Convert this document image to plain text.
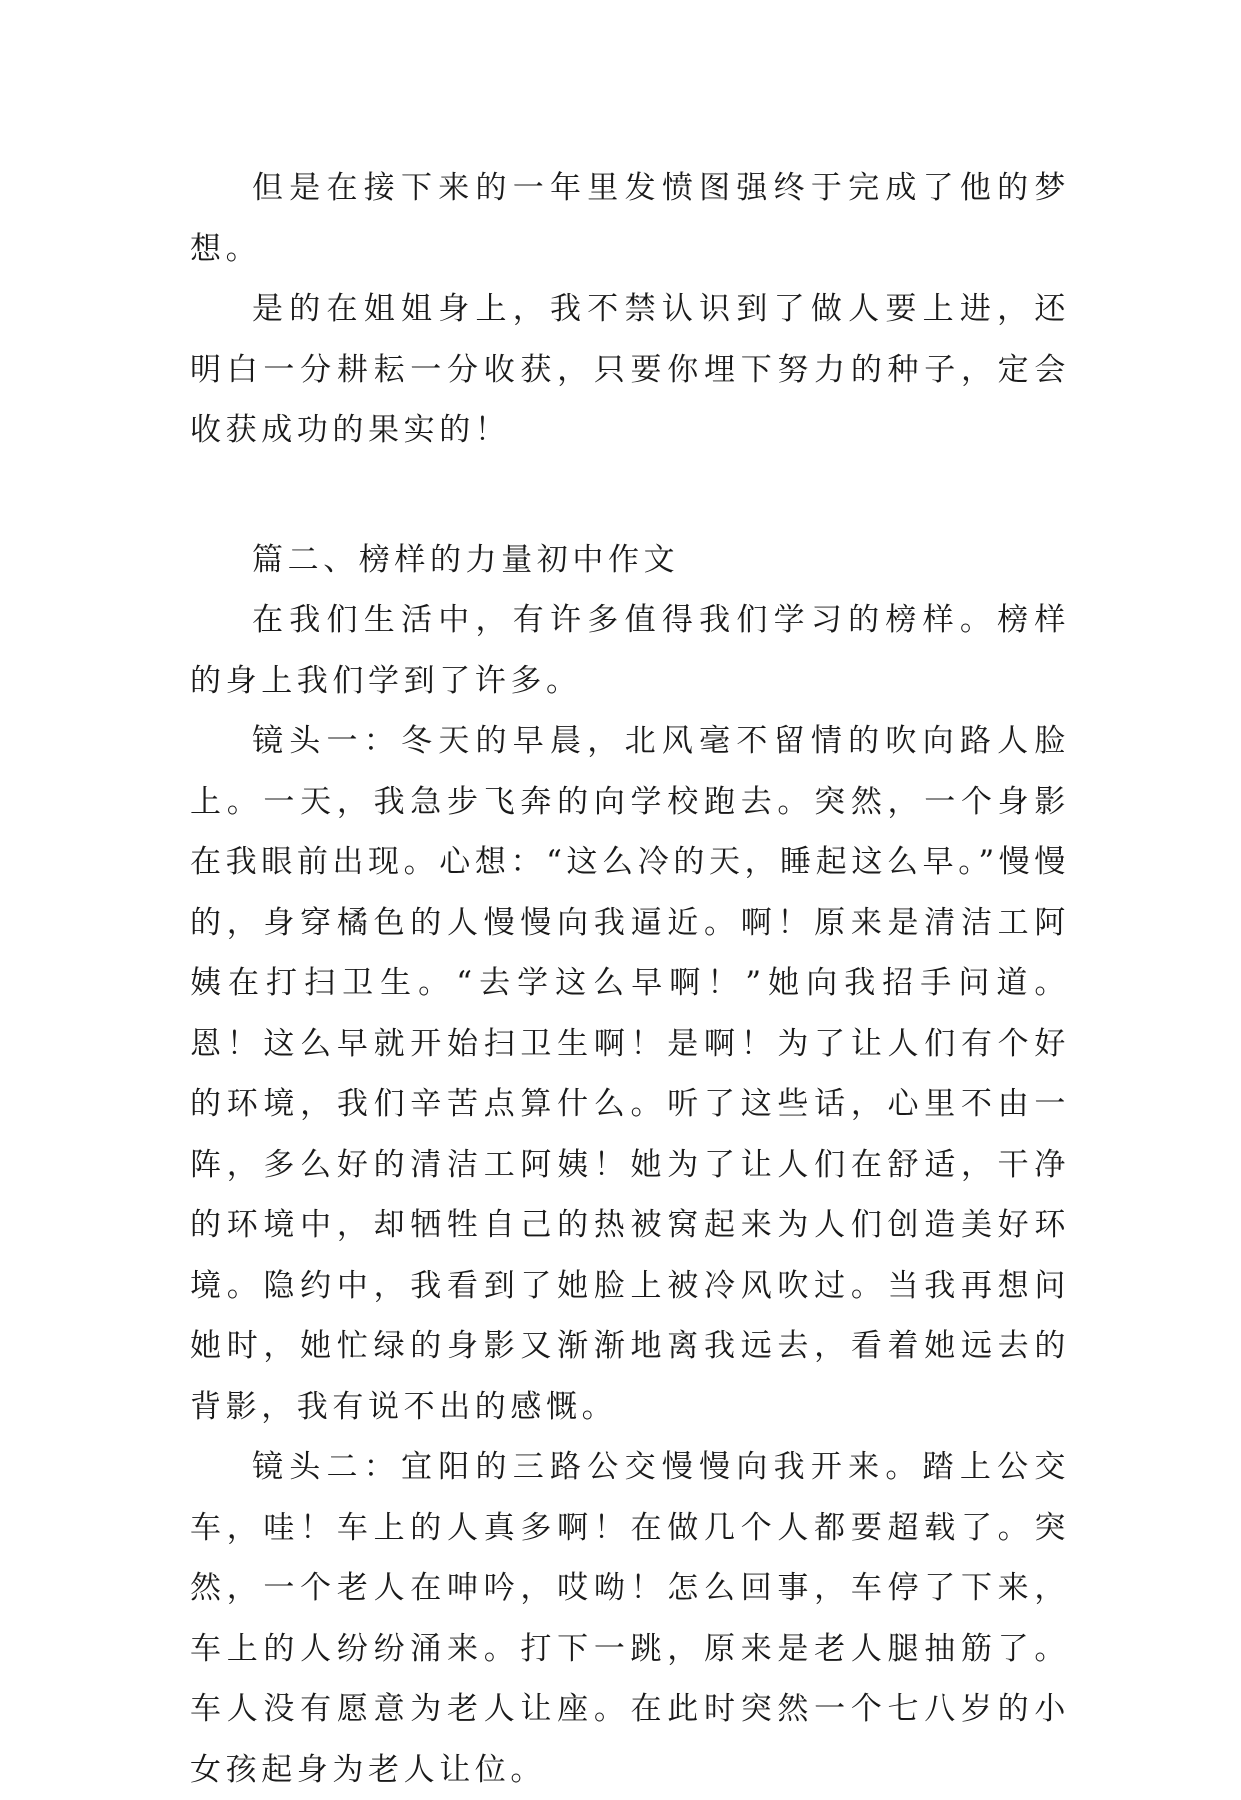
但是在接下来的一年里发愤图强终于完成了他的梦想。

是的在姐姐身上，我不禁认识到了做人要上进，还明白一分耕耘一分收获，只要你埋下努力的种子，定会收获成功的果实的！

篇二、榜样的力量初中作文

在我们生活中，有许多值得我们学习的榜样。榜样的身上我们学到了许多。

镜头一：冬天的早晨，北风毫不留情的吹向路人脸上。一天，我急步飞奔的向学校跑去。突然，一个身影在我眼前出现。心想：“这么冷的天，睡起这么早。”慢慢的，身穿橘色的人慢慢向我逼近。啊！原来是清洁工阿姨在打扫卫生。“去学这么早啊！”她向我招手问道。恩！这么早就开始扫卫生啊！是啊！为了让人们有个好的环境，我们辛苦点算什么。听了这些话，心里不由一阵，多么好的清洁工阿姨！她为了让人们在舒适，干净的环境中，却牺牲自己的热被窝起来为人们创造美好环境。隐约中，我看到了她脸上被冷风吹过。当我再想问她时，她忙绿的身影又渐渐地离我远去，看着她远去的背影，我有说不出的感慨。

镜头二：宜阳的三路公交慢慢向我开来。踏上公交车，哇！车上的人真多啊！在做几个人都要超载了。突然，一个老人在呻吟，哎呦！怎么回事，车停了下来，车上的人纷纷涌来。打下一跳，原来是老人腿抽筋了。车人没有愿意为老人让座。在此时突然一个七八岁的小女孩起身为老人让位。
